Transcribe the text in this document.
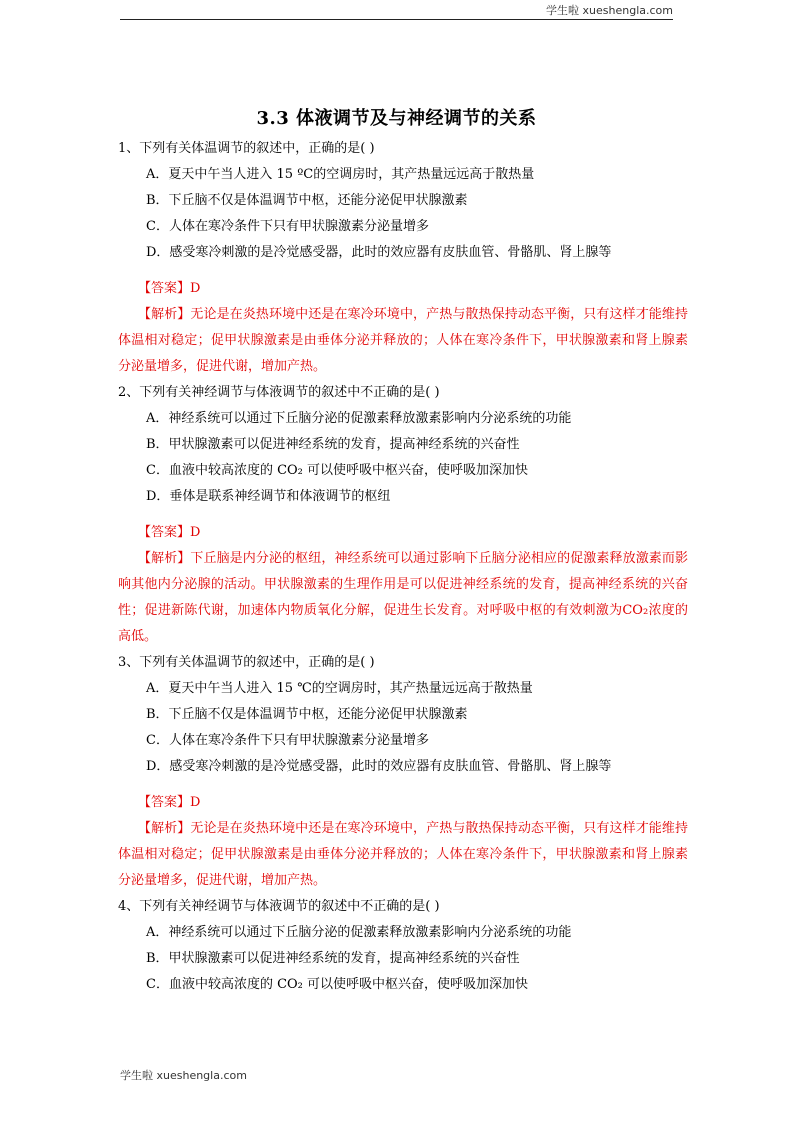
学生啦 xueshengla.com
3.3 体液调节及与神经调节的关系

1、下列有关体温调节的叙述中，正确的是( )

A．夏天中午当人进入 15 ºC的空调房时，其产热量远远高于散热量

B．下丘脑不仅是体温调节中枢，还能分泌促甲状腺激素

C．人体在寒冷条件下只有甲状腺激素分泌量增多

D．感受寒冷刺激的是冷觉感受器，此时的效应器有皮肤血管、骨骼肌、肾上腺等

【答案】D

【解析】无论是在炎热环境中还是在寒冷环境中，产热与散热保持动态平衡，只有这样才能维持体温相对稳定；促甲状腺激素是由垂体分泌并释放的；人体在寒冷条件下，甲状腺激素和肾上腺素分泌量增多，促进代谢，增加产热。

2、下列有关神经调节与体液调节的叙述中不正确的是( )

A．神经系统可以通过下丘脑分泌的促激素释放激素影响内分泌系统的功能

B．甲状腺激素可以促进神经系统的发育，提高神经系统的兴奋性

C．血液中较高浓度的 CO₂ 可以使呼吸中枢兴奋，使呼吸加深加快

D．垂体是联系神经调节和体液调节的枢纽

【答案】D

【解析】下丘脑是内分泌的枢纽，神经系统可以通过影响下丘脑分泌相应的促激素释放激素而影响其他内分泌腺的活动。甲状腺激素的生理作用是可以促进神经系统的发育，提高神经系统的兴奋性；促进新陈代谢，加速体内物质氧化分解，促进生长发育。对呼吸中枢的有效刺激为CO₂浓度的高低。

3、下列有关体温调节的叙述中，正确的是( )

A．夏天中午当人进入 15 ℃的空调房时，其产热量远远高于散热量

B．下丘脑不仅是体温调节中枢，还能分泌促甲状腺激素

C．人体在寒冷条件下只有甲状腺激素分泌量增多

D．感受寒冷刺激的是冷觉感受器，此时的效应器有皮肤血管、骨骼肌、肾上腺等

【答案】D

【解析】无论是在炎热环境中还是在寒冷环境中，产热与散热保持动态平衡，只有这样才能维持体温相对稳定；促甲状腺激素是由垂体分泌并释放的；人体在寒冷条件下，甲状腺激素和肾上腺素分泌量增多，促进代谢，增加产热。

4、下列有关神经调节与体液调节的叙述中不正确的是( )

A．神经系统可以通过下丘脑分泌的促激素释放激素影响内分泌系统的功能

B．甲状腺激素可以促进神经系统的发育，提高神经系统的兴奋性

C．血液中较高浓度的 CO₂ 可以使呼吸中枢兴奋，使呼吸加深加快

学生啦 xueshengla.com
